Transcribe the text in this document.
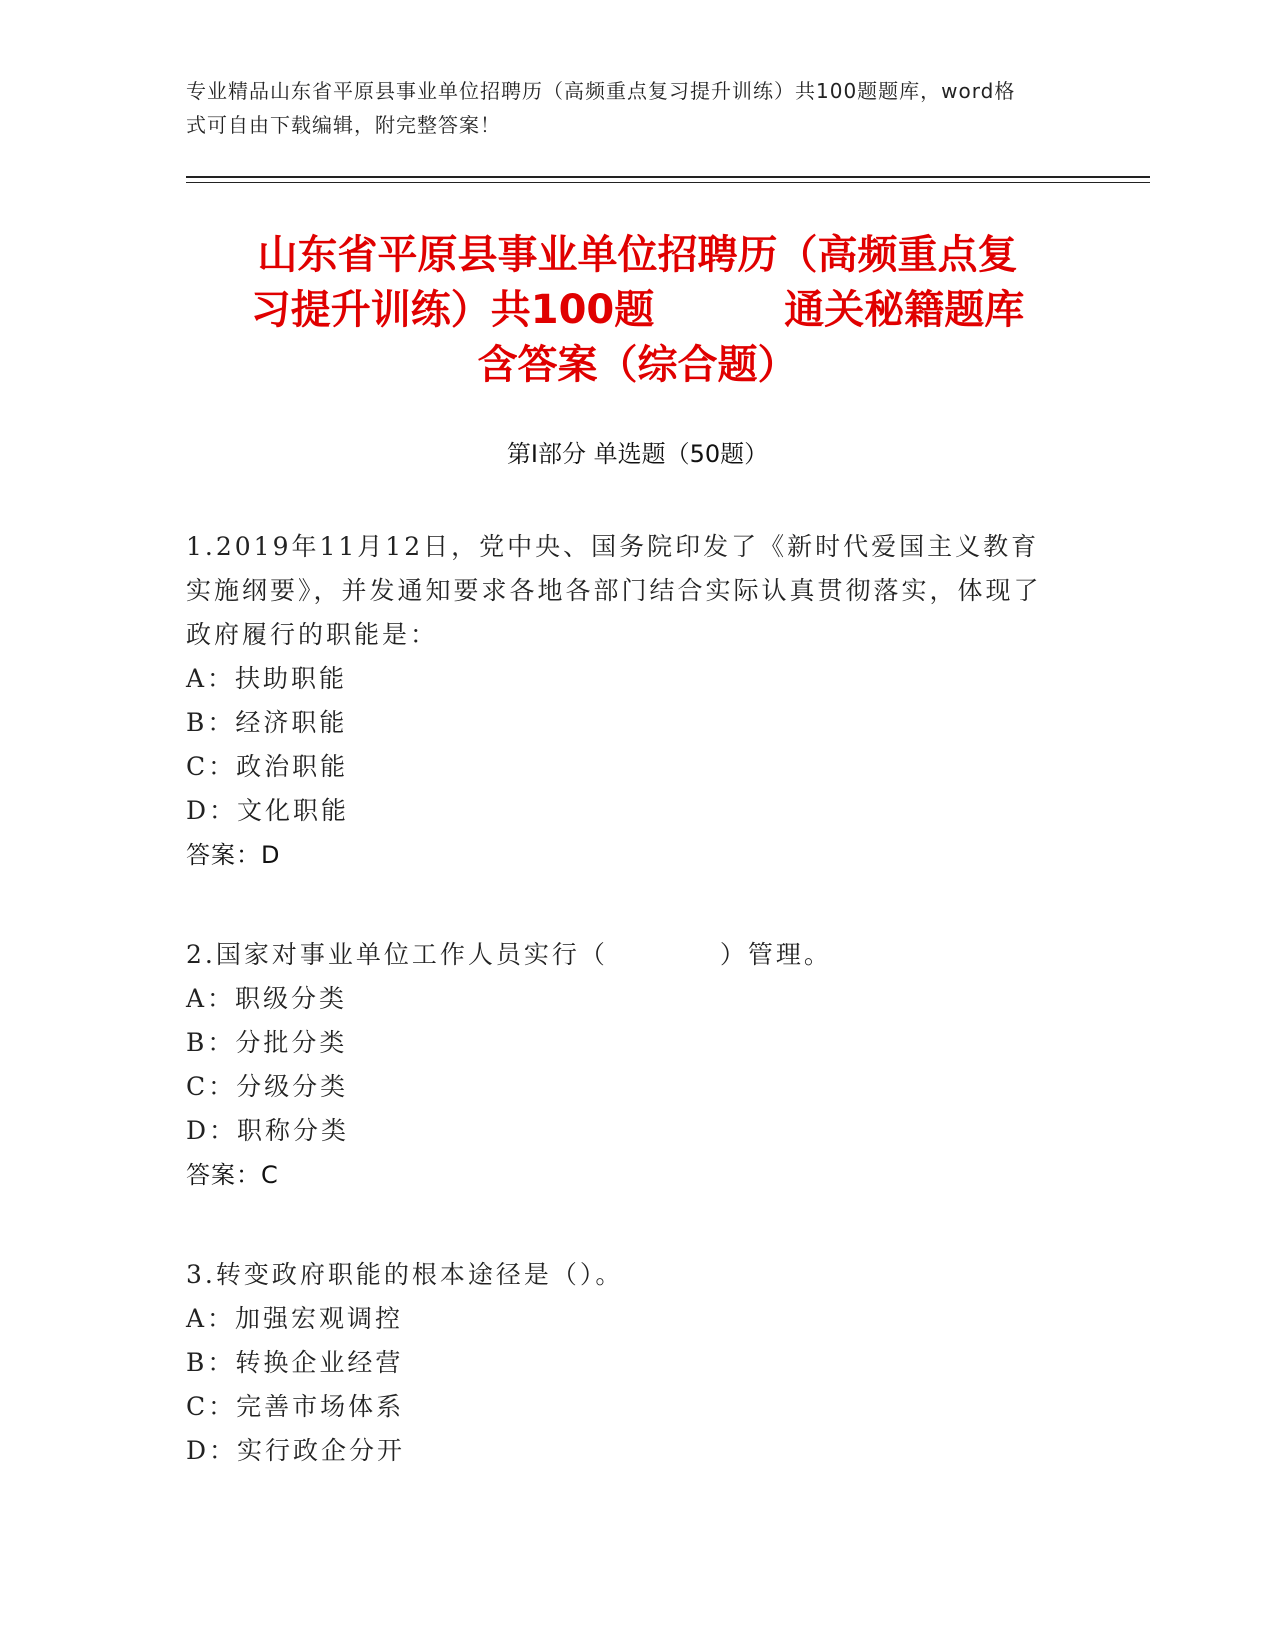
专业精品山东省平原县事业单位招聘历（高频重点复习提升训练）共100题题库，word格式可自由下载编辑，附完整答案！
山东省平原县事业单位招聘历（高频重点复
习提升训练）共100题	通关秘籍题库
含答案（综合题）
第Ⅰ部分 单选题（50题）

1.2019年11月12日，党中央、国务院印发了《新时代爱国主义教育实施纲要》，并发通知要求各地各部门结合实际认真贯彻落实，体现了政府履行的职能是：

A：扶助职能

B：经济职能

C：政治职能

D：文化职能

答案：D

2.国家对事业单位工作人员实行（　　　　）管理。

A：职级分类

B：分批分类

C：分级分类

D：职称分类

答案：C

3.转变政府职能的根本途径是（）。

A：加强宏观调控

B：转换企业经营

C：完善市场体系

D：实行政企分开
